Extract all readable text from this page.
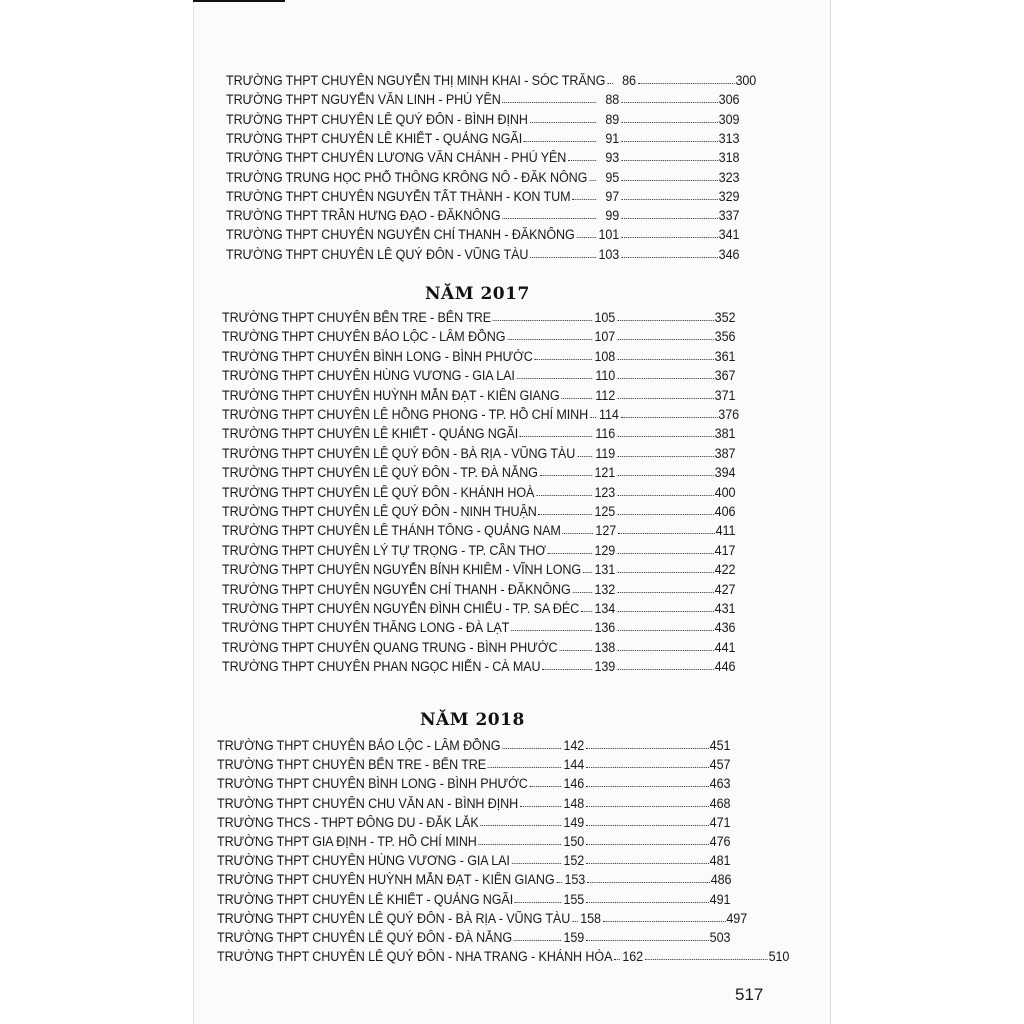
TRƯỜNG THPT CHUYÊN NGUYỄN THỊ MINH KHAI - SÓC TRĂNG	86	300
TRƯỜNG THPT NGUYỄN VĂN LINH - PHÚ YÊN	88	306
TRƯỜNG THPT CHUYÊN LÊ QUÝ ĐÔN - BÌNH ĐỊNH	89	309
TRƯỜNG THPT CHUYÊN LÊ KHIẾT - QUẢNG NGÃI	91	313
TRƯỜNG THPT CHUYÊN LƯƠNG VĂN CHÁNH - PHÚ YÊN	93	318
TRƯỜNG TRUNG HỌC PHỔ THÔNG KRÔNG NÔ - ĐĂK NÔNG	95	323
TRƯỜNG THPT CHUYÊN NGUYỄN TẤT THÀNH - KON TUM	97	329
TRƯỜNG THPT TRẦN HƯNG ĐẠO - ĐĂKNÔNG	99	337
TRƯỜNG THPT CHUYÊN NGUYỄN CHÍ THANH - ĐĂKNÔNG 101	341
TRƯỜNG THPT CHUYÊN LÊ QUÝ ĐÔN - VŨNG TÀU	103	346
NĂM 2017
TRƯỜNG THPT CHUYÊN BẾN TRE - BẾN TRE	105	352
TRƯỜNG THPT CHUYÊN BẢO LỘC - LÂM ĐỒNG	107	356
TRƯỜNG THPT CHUYÊN BÌNH LONG - BÌNH PHƯỚC	108	361
TRƯỜNG THPT CHUYÊN HÙNG VƯƠNG - GIA LAI	110	367
TRƯỜNG THPT CHUYÊN HUỲNH MẪN ĐẠT - KIÊN GIANG	112	371
TRƯỜNG THPT CHUYÊN LÊ HỒNG PHONG - TP. HỒ CHÍ MINH 114	376
TRƯỜNG THPT CHUYÊN LÊ KHIẾT - QUẢNG NGÃI	116	381
TRƯỜNG THPT CHUYÊN LÊ QUÝ ĐÔN - BÀ RỊA - VŨNG TÀU 119	387
TRƯỜNG THPT CHUYÊN LÊ QUÝ ĐÔN - TP. ĐÀ NẴNG	121	394
TRƯỜNG THPT CHUYÊN LÊ QUÝ ĐÔN - KHÁNH HOÀ	123	400
TRƯỜNG THPT CHUYÊN LÊ QUÝ ĐÔN - NINH THUẬN	125	406
TRƯỜNG THPT CHUYÊN LÊ THÁNH TÔNG - QUẢNG NAM	127	411
TRƯỜNG THPT CHUYÊN LÝ TỰ TRỌNG - TP. CẦN THƠ	129	417
TRƯỜNG THPT CHUYÊN NGUYỄN BỈNH KHIÊM - VĨNH LONG 131	422
TRƯỜNG THPT CHUYÊN NGUYỄN CHÍ THANH - ĐĂKNÔNG 132	427
TRƯỜNG THPT CHUYÊN NGUYỄN ĐÌNH CHIỂU - TP. SA ĐÉC 134	431
TRƯỜNG THPT CHUYÊN THĂNG LONG - ĐÀ LẠT	136	436
TRƯỜNG THPT CHUYÊN QUANG TRUNG - BÌNH PHƯỚC	138	441
TRƯỜNG THPT CHUYÊN PHAN NGỌC HIỂN - CÀ MAU	139	446
NĂM 2018
TRƯỜNG THPT CHUYÊN BẢO LỘC - LÂM ĐỒNG	142	451
TRƯỜNG THPT CHUYÊN BẾN TRE - BẾN TRE	144	457
TRƯỜNG THPT CHUYÊN BÌNH LONG - BÌNH PHƯỚC	146	463
TRƯỜNG THPT CHUYÊN CHU VĂN AN - BÌNH ĐỊNH	148	468
TRƯỜNG THCS - THPT ĐÔNG DU - ĐẮK LẮK	149	471
TRƯỜNG THPT GIA ĐỊNH - TP. HỒ CHÍ MINH	150	476
TRƯỜNG THPT CHUYÊN HÙNG VƯƠNG - GIA LAI	152	481
TRƯỜNG THPT CHUYÊN HUỲNH MẪN ĐẠT - KIÊN GIANG 153	486
TRƯỜNG THPT CHUYÊN LÊ KHIẾT - QUẢNG NGÃI	155	491
TRƯỜNG THPT CHUYÊN LÊ QUÝ ĐÔN - BÀ RỊA - VŨNG TÀU 158	497
TRƯỜNG THPT CHUYÊN LÊ QUÝ ĐÔN - ĐÀ NẴNG	159	503
TRƯỜNG THPT CHUYÊN LÊ QUÝ ĐÔN - NHA TRANG - KHÁNH HÒA 162	510
517
